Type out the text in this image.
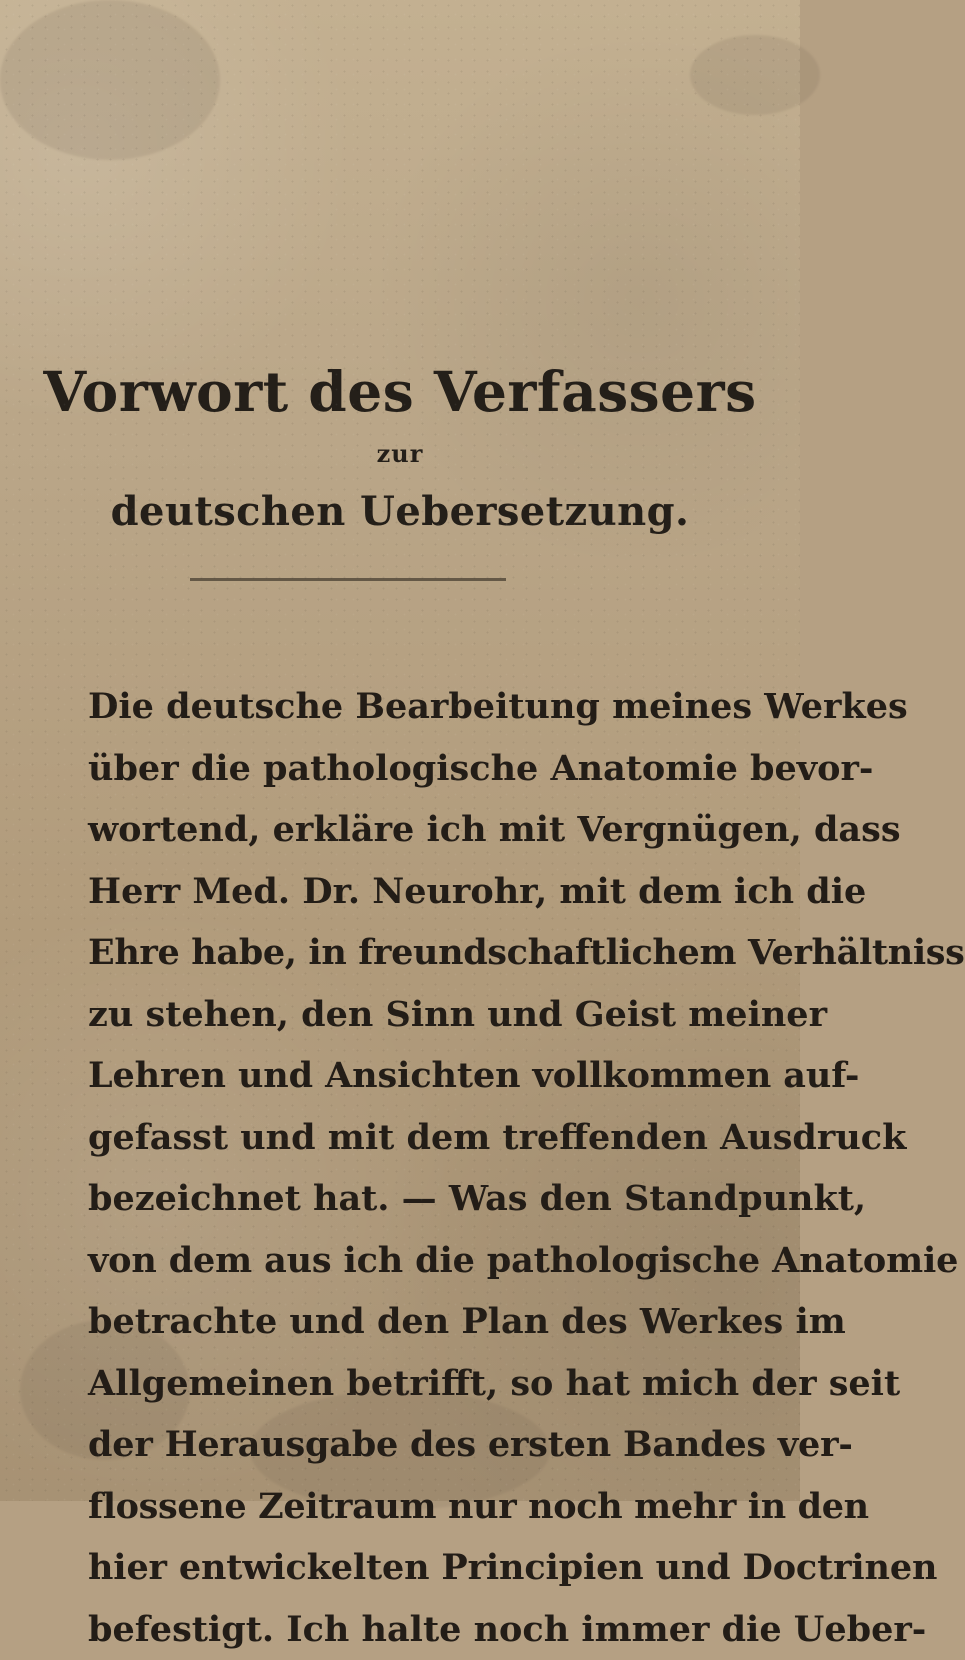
Vorwort des Verfassers
zur
deutschen Uebersetzung.
Die deutsche Bearbeitung meines Werkes
über die pathologische Anatomie bevor-
wortend, erkläre ich mit Vergnügen, dass
Herr Med. Dr. Neurohr, mit dem ich die
Ehre habe, in freundschaftlichem Verhältniss
zu stehen, den Sinn und Geist meiner
Lehren und Ansichten vollkommen auf-
gefasst und mit dem treffenden Ausdruck
bezeichnet hat. — Was den Standpunkt,
von dem aus ich die pathologische Anatomie
betrachte und den Plan des Werkes im
Allgemeinen betrifft, so hat mich der seit
der Herausgabe des ersten Bandes ver-
flossene Zeitraum nur noch mehr in den
hier entwickelten Principien und Doctrinen
befestigt. Ich halte noch immer die Ueber-
